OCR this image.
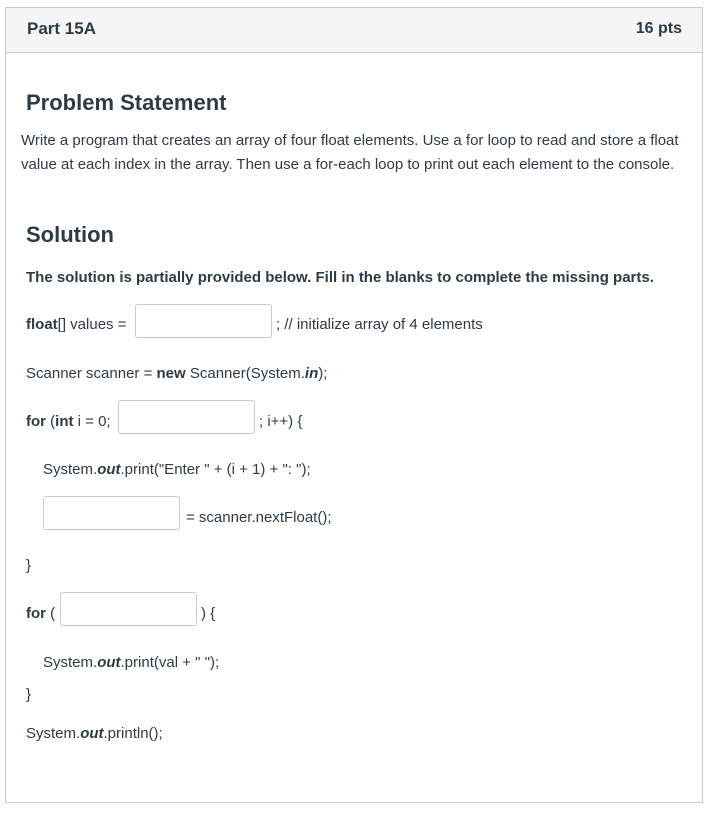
Part 15A	16 pts
Problem Statement
Write a program that creates an array of four float elements. Use a for loop to read and store a float value at each index in the array. Then use a for-each loop to print out each element to the console.
Solution
The solution is partially provided below. Fill in the blanks to complete the missing parts.
float[] values =	; // initialize array of 4 elements
Scanner scanner = new Scanner(System.in);
for (int i = 0;	; i++) {
System.out.print("Enter " + (i + 1) + ": ");
= scanner.nextFloat();
}
for (	) {
System.out.print(val + " ");
}
System.out.println();
